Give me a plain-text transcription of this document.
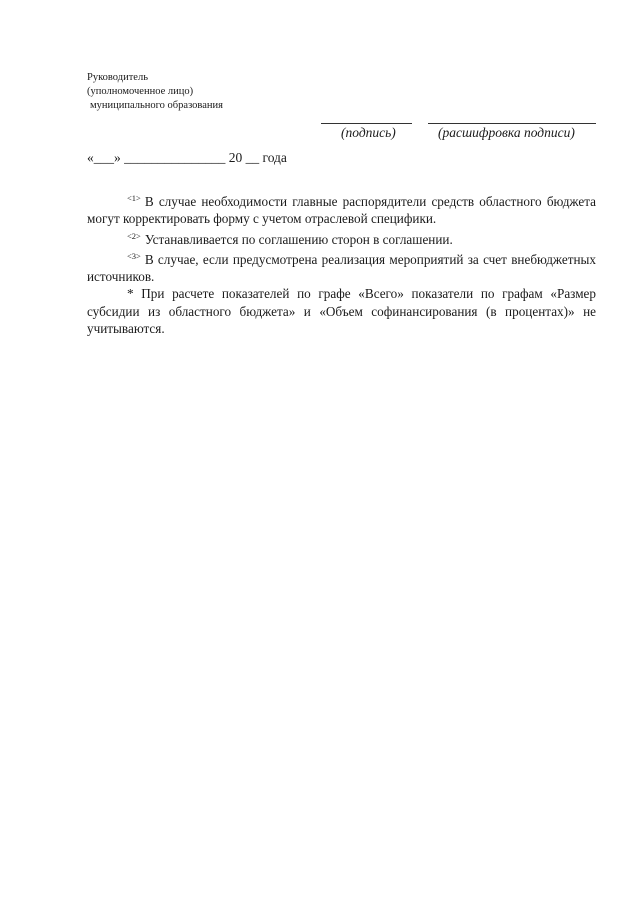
Руководитель
(уполномоченное лицо)
муниципального образования
(подпись)	(расшифровка подписи)
«___» _______________ 20 __ года

$^{<1>}$ В случае необходимости главные распорядители средств областного бюджета могут корректировать форму с учетом отраслевой специфики.

$^{<2>}$ Устанавливается по соглашению сторон в соглашении.

$^{<3>}$ В случае, если предусмотрена реализация мероприятий за счет внебюджетных источников.

* При расчете показателей по графе «Всего» показатели по графам «Размер субсидии из областного бюджета» и «Объем софинансирования (в процентах)» не учитываются.
